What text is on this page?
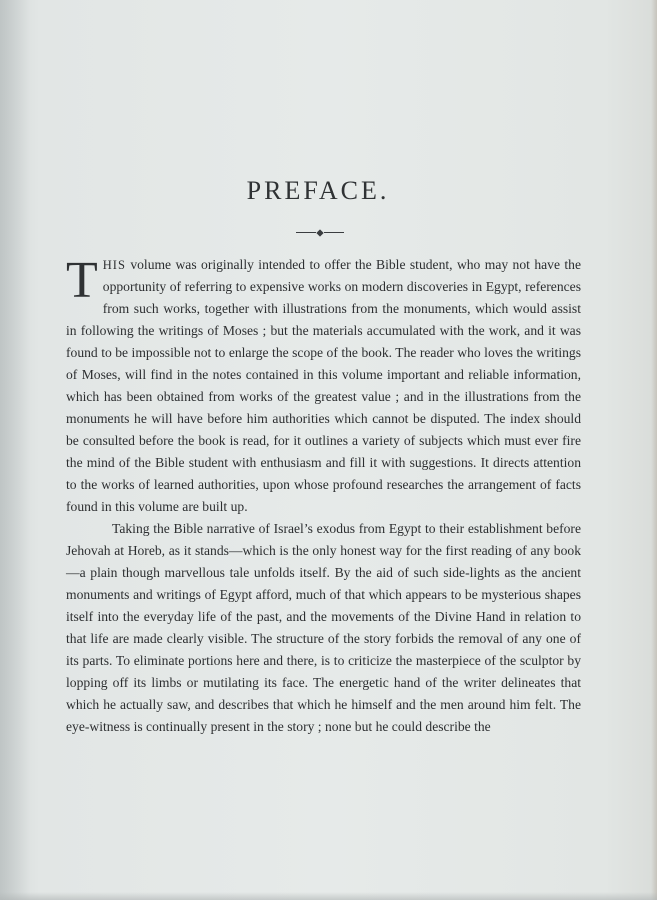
PREFACE.

THIS volume was originally intended to offer the Bible student, who may not have the opportunity of referring to expensive works on modern discoveries in Egypt, references from such works, together with illustrations from the monuments, which would assist in following the writings of Moses ; but the materials accumulated with the work, and it was found to be impossible not to enlarge the scope of the book. The reader who loves the writings of Moses, will find in the notes contained in this volume important and reliable information, which has been obtained from works of the greatest value ; and in the illustrations from the monuments he will have before him authorities which cannot be disputed. The index should be consulted before the book is read, for it outlines a variety of subjects which must ever fire the mind of the Bible student with enthusiasm and fill it with suggestions. It directs attention to the works of learned authorities, upon whose profound researches the arrangement of facts found in this volume are built up.

Taking the Bible narrative of Israel’s exodus from Egypt to their establishment before Jehovah at Horeb, as it stands—which is the only honest way for the first reading of any book—a plain though marvellous tale unfolds itself. By the aid of such side-lights as the ancient monuments and writings of Egypt afford, much of that which appears to be mysterious shapes itself into the everyday life of the past, and the movements of the Divine Hand in relation to that life are made clearly visible. The structure of the story forbids the removal of any one of its parts. To eliminate portions here and there, is to criticize the masterpiece of the sculptor by lopping off its limbs or mutilating its face. The energetic hand of the writer delineates that which he actually saw, and describes that which he himself and the men around him felt. The eye-witness is continually present in the story ; none but he could describe the
